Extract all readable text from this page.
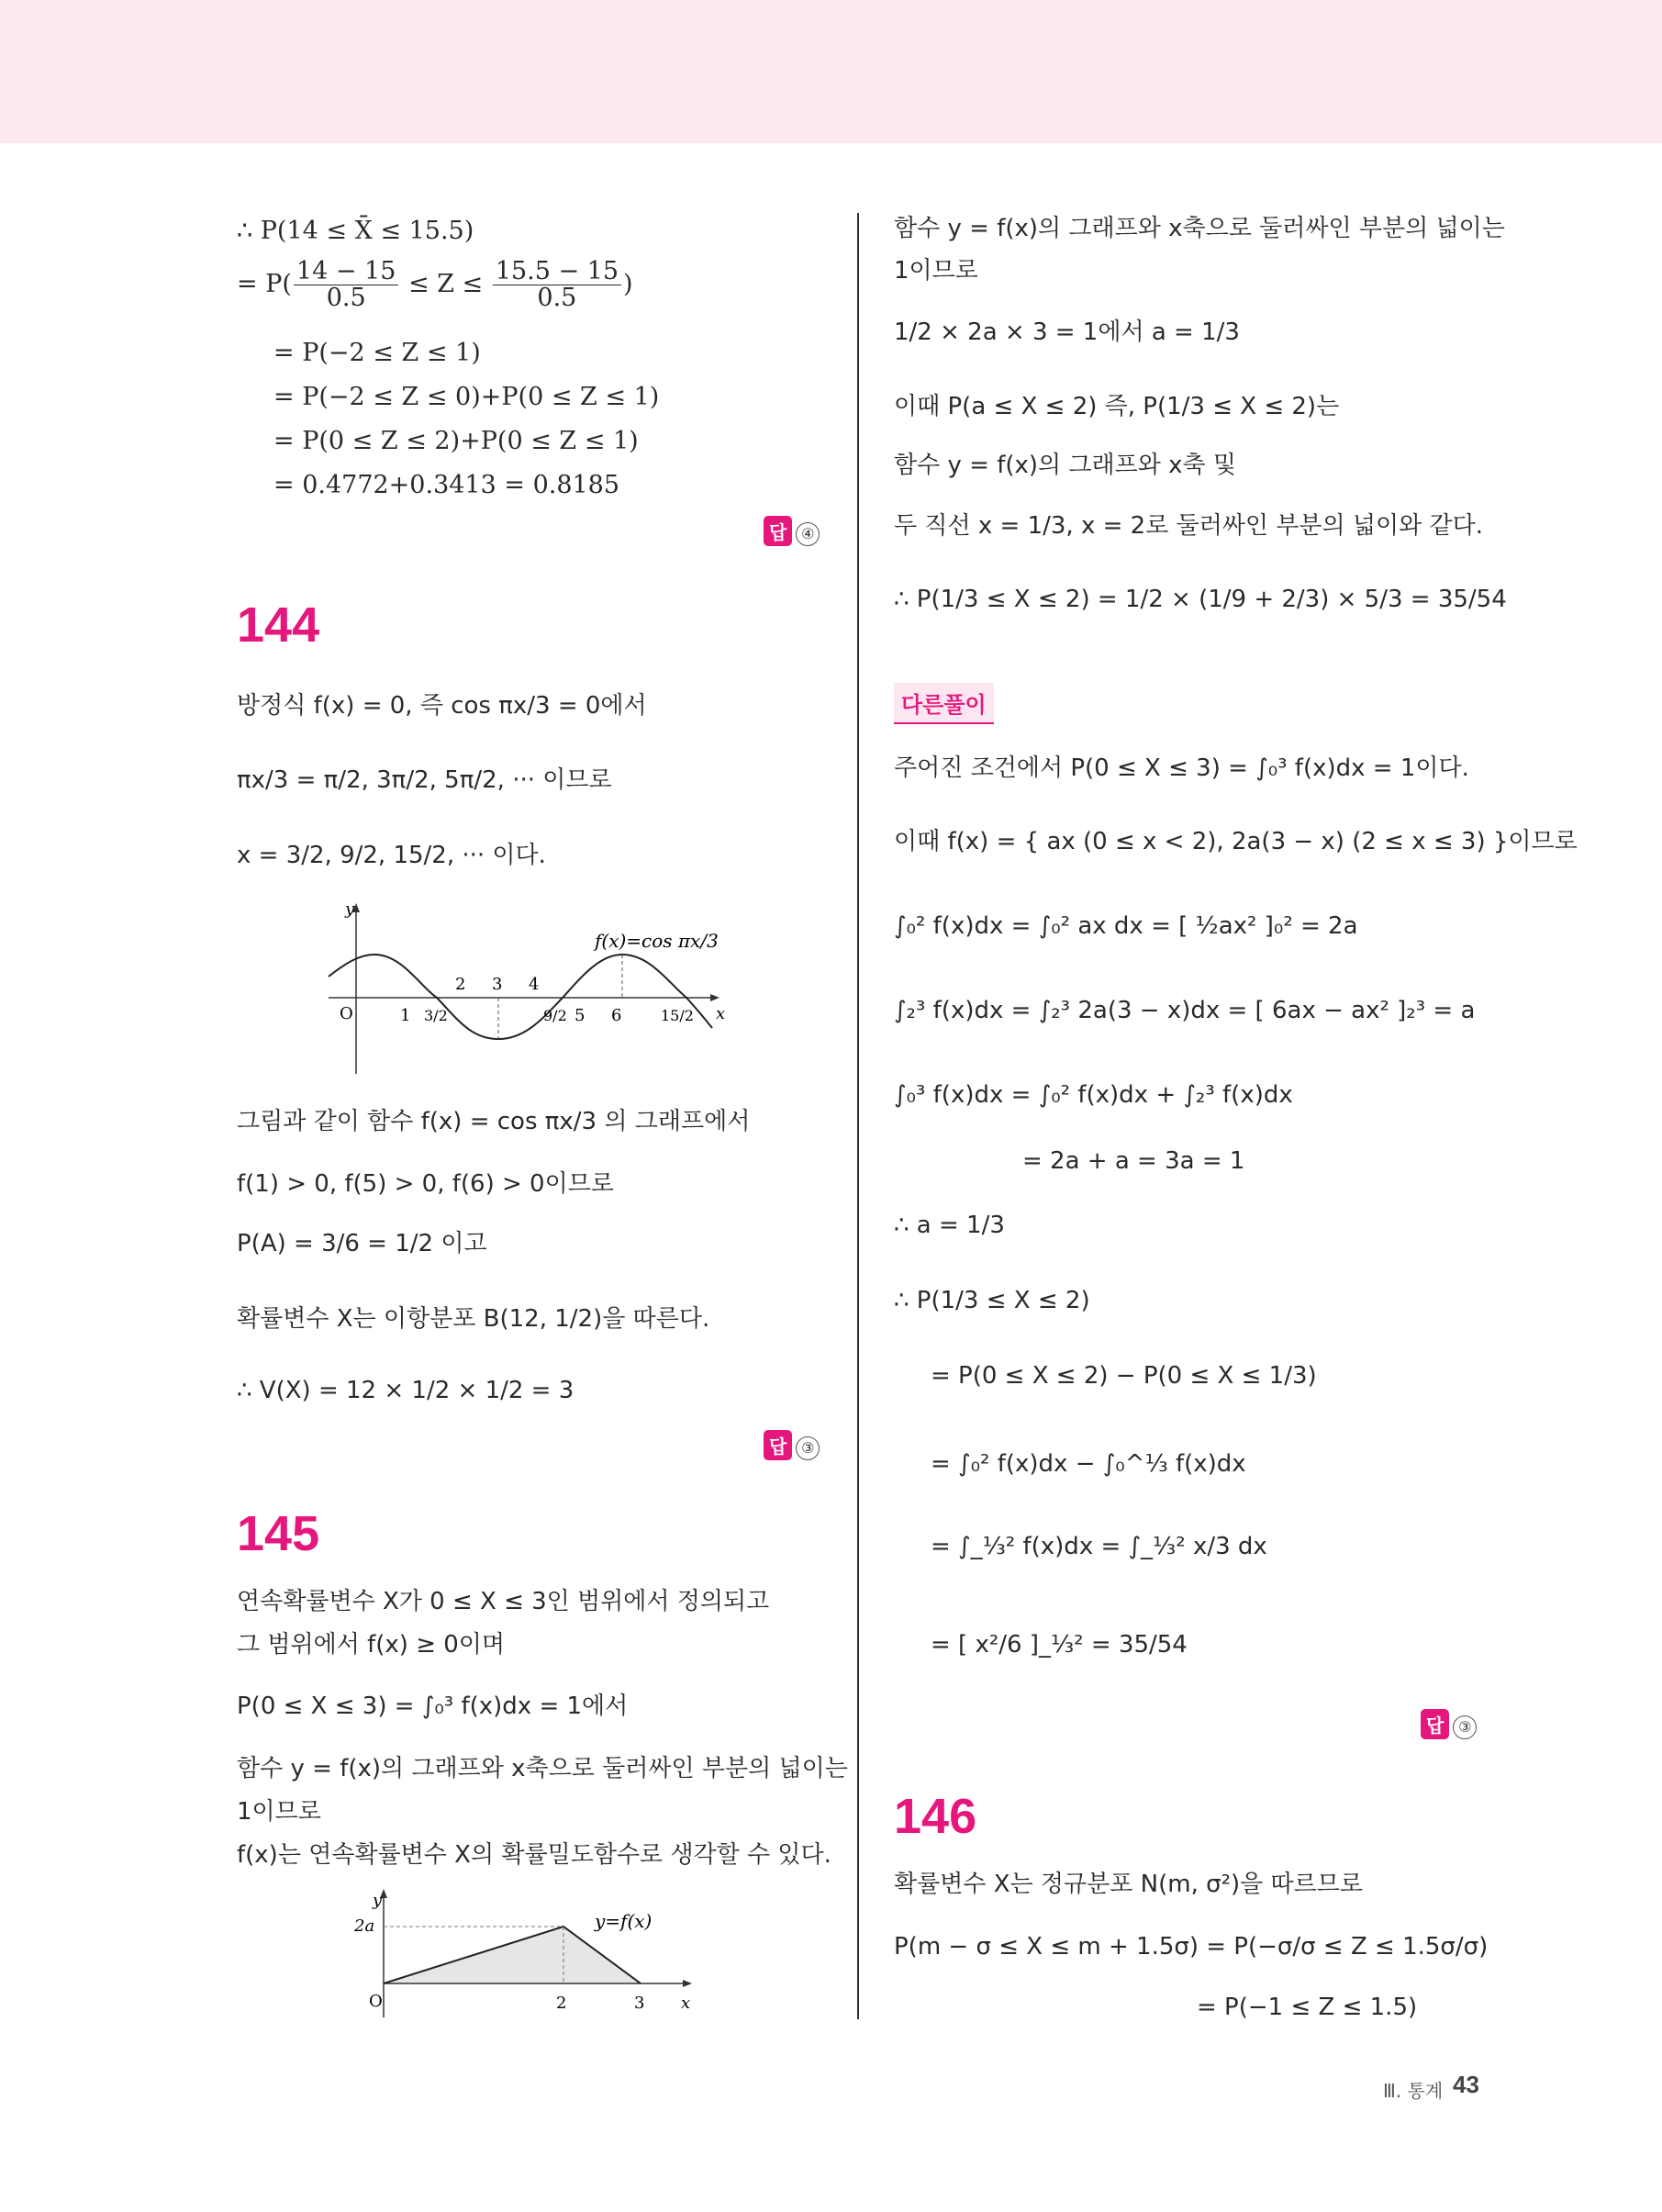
∴ P(14 ≤ X̄ ≤ 15.5)
= $P( \frac{14 - 15}{0.5} \le Z \le \frac{15.5 - 15}{0.5}$ )
= P(−2 ≤ Z ≤ 1)
= P(−2 ≤ Z ≤ 0)+P(0 ≤ Z ≤ 1)
= P(0 ≤ Z ≤ 2)+P(0 ≤ Z ≤ 1)
= 0.4772+0.3413 = 0.8185
답 ④
144
방정식 f(x) = 0, 즉 cos πx/3 = 0에서
πx/3 = π/2, 3π/2, 5π/2, ··· 이므로
x = 3/2, 9/2, 15/2, ··· 이다.
y
x
O
f(x)=cos πx/3
2 3 4
1 3/2	9/2 5 6	15/2
그림과 같이 함수 f(x) = cos πx/3 의 그래프에서
f(1) > 0, f(5) > 0, f(6) > 0이므로
P(A) = 3/6 = 1/2 이고
확률변수 X는 이항분포 B(12, 1/2)을 따른다.
∴ V(X) = 12 × 1/2 × 1/2 = 3
답 ③
145
연속확률변수 X가 0 ≤ X ≤ 3인 범위에서 정의되고
그 범위에서 f(x) ≥ 0이며
P(0 ≤ X ≤ 3) = ∫₀³ f(x)dx = 1에서
함수 y = f(x)의 그래프와 x축으로 둘러싸인 부분의 넓이는
1이므로
f(x)는 연속확률변수 X의 확률밀도함수로 생각할 수 있다.
y
x
O
2a
2	3
y=f(x)
함수 y = f(x)의 그래프와 x축으로 둘러싸인 부분의 넓이는
1이므로
1/2 × 2a × 3 = 1에서 a = 1/3
이때 P(a ≤ X ≤ 2) 즉, P(1/3 ≤ X ≤ 2)는
함수 y = f(x)의 그래프와 x축 및
두 직선 x = 1/3, x = 2로 둘러싸인 부분의 넓이와 같다.
∴ P(1/3 ≤ X ≤ 2) = 1/2 × (1/9 + 2/3) × 5/3 = 35/54
다른풀이
주어진 조건에서 P(0 ≤ X ≤ 3) = ∫₀³ f(x)dx = 1이다.
이때 f(x) = { ax (0 ≤ x < 2), 2a(3 − x) (2 ≤ x ≤ 3) }이므로
∫₀² f(x)dx = ∫₀² ax dx = [ ½ax² ]₀² = 2a
∫₂³ f(x)dx = ∫₂³ 2a(3 − x)dx = [ 6ax − ax² ]₂³ = a
∫₀³ f(x)dx = ∫₀² f(x)dx + ∫₂³ f(x)dx
= 2a + a = 3a = 1
∴ a = 1/3
∴ P(1/3 ≤ X ≤ 2)
= P(0 ≤ X ≤ 2) − P(0 ≤ X ≤ 1/3)
= ∫₀² f(x)dx − ∫₀^⅓ f(x)dx
= ∫_⅓² f(x)dx = ∫_⅓² x/3 dx
= [ x²/6 ]_⅓² = 35/54
답 ③
146
확률변수 X는 정규분포 N(m, σ²)을 따르므로
P(m − σ ≤ X ≤ m + 1.5σ) = P(−σ/σ ≤ Z ≤ 1.5σ/σ)
= P(−1 ≤ Z ≤ 1.5)
Ⅲ. 통계 43
